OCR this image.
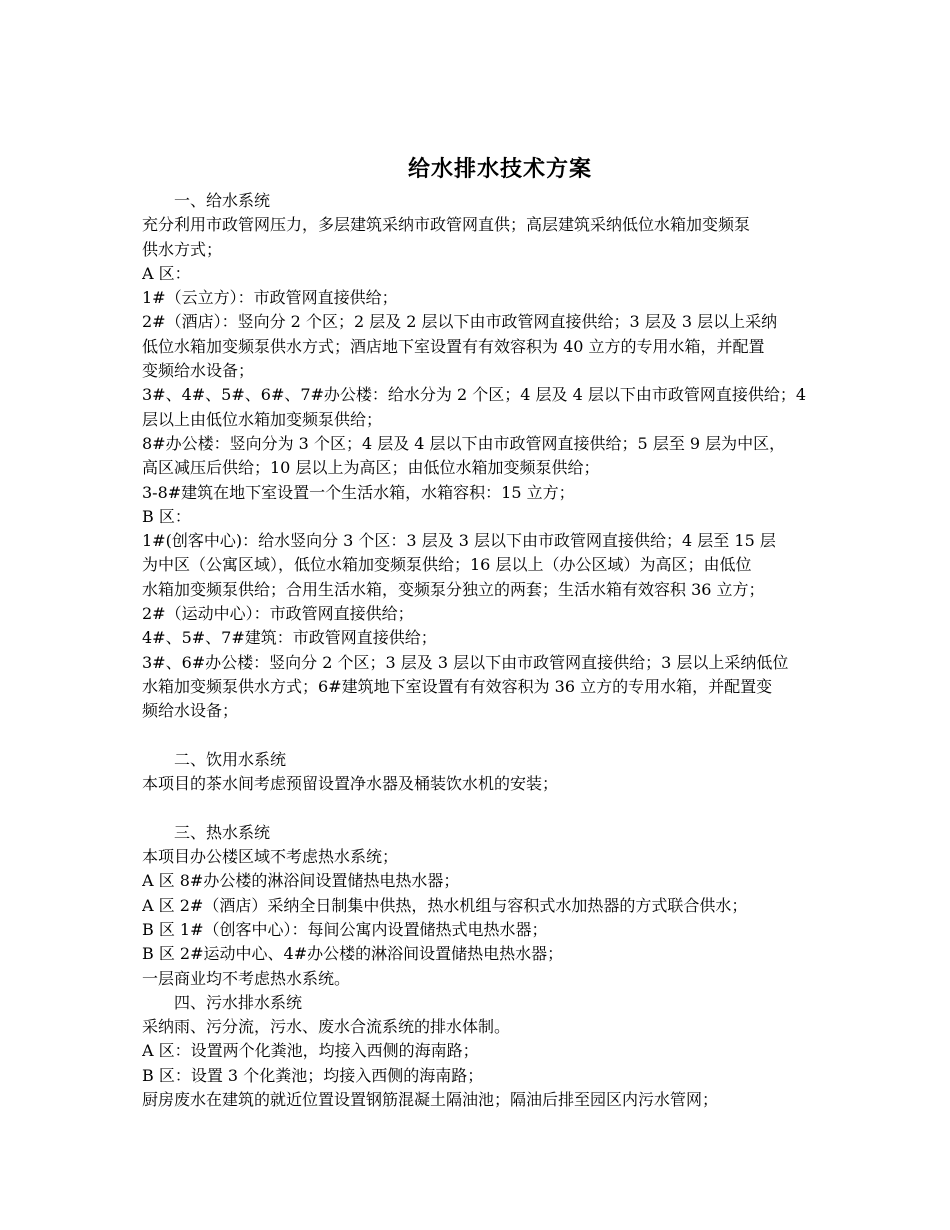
给水排水技术方案
一、给水系统
充分利用市政管网压力，多层建筑采纳市政管网直供；高层建筑采纳低位水箱加变频泵
供水方式；
A 区：
1#（云立方）：市政管网直接供给；
2#（酒店）：竖向分 2 个区；2 层及 2 层以下由市政管网直接供给；3 层及 3 层以上采纳
低位水箱加变频泵供水方式；酒店地下室设置有有效容积为 40 立方的专用水箱，并配置
变频给水设备；
3#、4#、5#、6#、7#办公楼：给水分为 2 个区；4 层及 4 层以下由市政管网直接供给；4
层以上由低位水箱加变频泵供给；
8#办公楼：竖向分为 3 个区；4 层及 4 层以下由市政管网直接供给；5 层至 9 层为中区，
高区减压后供给；10 层以上为高区；由低位水箱加变频泵供给；
3-8#建筑在地下室设置一个生活水箱，水箱容积：15 立方；
B 区：
1#(创客中心)：给水竖向分 3 个区：3 层及 3 层以下由市政管网直接供给；4 层至 15 层
为中区（公寓区域），低位水箱加变频泵供给；16 层以上（办公区域）为高区；由低位
水箱加变频泵供给；合用生活水箱，变频泵分独立的两套；生活水箱有效容积 36 立方；
2#（运动中心）：市政管网直接供给；
4#、5#、7#建筑：市政管网直接供给；
3#、6#办公楼：竖向分 2 个区；3 层及 3 层以下由市政管网直接供给；3 层以上采纳低位
水箱加变频泵供水方式；6#建筑地下室设置有有效容积为 36 立方的专用水箱，并配置变
频给水设备；
二、饮用水系统
本项目的茶水间考虑预留设置净水器及桶装饮水机的安装；
三、热水系统
本项目办公楼区域不考虑热水系统；
A 区 8#办公楼的淋浴间设置储热电热水器；
A 区 2#（酒店）采纳全日制集中供热，热水机组与容积式水加热器的方式联合供水；
B 区 1#（创客中心）：每间公寓内设置储热式电热水器；
B 区 2#运动中心、4#办公楼的淋浴间设置储热电热水器；
一层商业均不考虑热水系统。
四、污水排水系统
采纳雨、污分流，污水、废水合流系统的排水体制。
A 区：设置两个化粪池，均接入西侧的海南路；
B 区：设置 3 个化粪池；均接入西侧的海南路；
厨房废水在建筑的就近位置设置钢筋混凝土隔油池；隔油后排至园区内污水管网；
